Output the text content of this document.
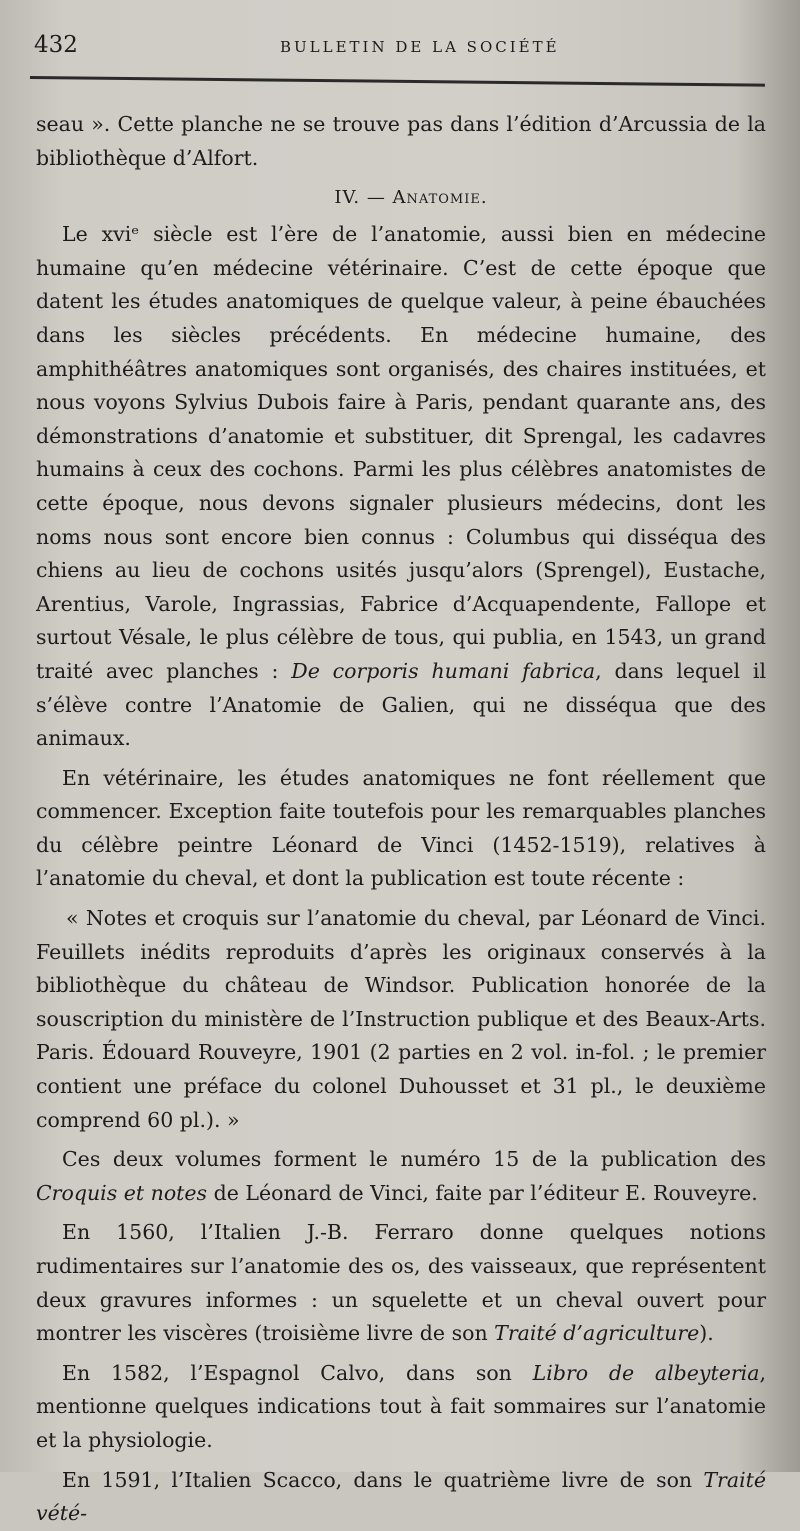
432	BULLETIN DE LA SOCIÉTÉ

seau ». Cette planche ne se trouve pas dans l’édition d’Arcussia de la bibliothèque d’Alfort.

IV. — Anatomie.

Le xviᵉ siècle est l’ère de l’anatomie, aussi bien en médecine humaine qu’en médecine vétérinaire. C’est de cette époque que datent les études anatomiques de quelque valeur, à peine ébauchées dans les siècles précédents. En médecine humaine, des amphithéâtres anatomiques sont organisés, des chaires instituées, et nous voyons Sylvius Dubois faire à Paris, pendant quarante ans, des démonstrations d’anatomie et substituer, dit Sprengal, les cadavres humains à ceux des cochons. Parmi les plus célèbres anatomistes de cette époque, nous devons signaler plusieurs médecins, dont les noms nous sont encore bien connus : Columbus qui disséqua des chiens au lieu de cochons usités jusqu’alors (Sprengel), Eustache, Arentius, Varole, Ingrassias, Fabrice d’Acquapendente, Fallope et surtout Vésale, le plus célèbre de tous, qui publia, en 1543, un grand traité avec planches : De corporis humani fabrica, dans lequel il s’élève contre l’Anatomie de Galien, qui ne disséqua que des animaux.

En vétérinaire, les études anatomiques ne font réellement que commencer. Exception faite toutefois pour les remarquables planches du célèbre peintre Léonard de Vinci (1452-1519), relatives à l’anatomie du cheval, et dont la publication est toute récente :

« Notes et croquis sur l’anatomie du cheval, par Léonard de Vinci. Feuillets inédits reproduits d’après les originaux conservés à la bibliothèque du château de Windsor. Publication honorée de la souscription du ministère de l’Instruction publique et des Beaux-Arts. Paris. Édouard Rouveyre, 1901 (2 parties en 2 vol. in-fol. ; le premier contient une préface du colonel Duhousset et 31 pl., le deuxième comprend 60 pl.). »

Ces deux volumes forment le numéro 15 de la publication des Croquis et notes de Léonard de Vinci, faite par l’éditeur E. Rouveyre.

En 1560, l’Italien J.-B. Ferraro donne quelques notions rudimentaires sur l’anatomie des os, des vaisseaux, que représentent deux gravures informes : un squelette et un cheval ouvert pour montrer les viscères (troisième livre de son Traité d’agriculture).

En 1582, l’Espagnol Calvo, dans son Libro de albeyteria, mentionne quelques indications tout à fait sommaires sur l’anatomie et la physiologie.

En 1591, l’Italien Scacco, dans le quatrième livre de son Traité vété-
